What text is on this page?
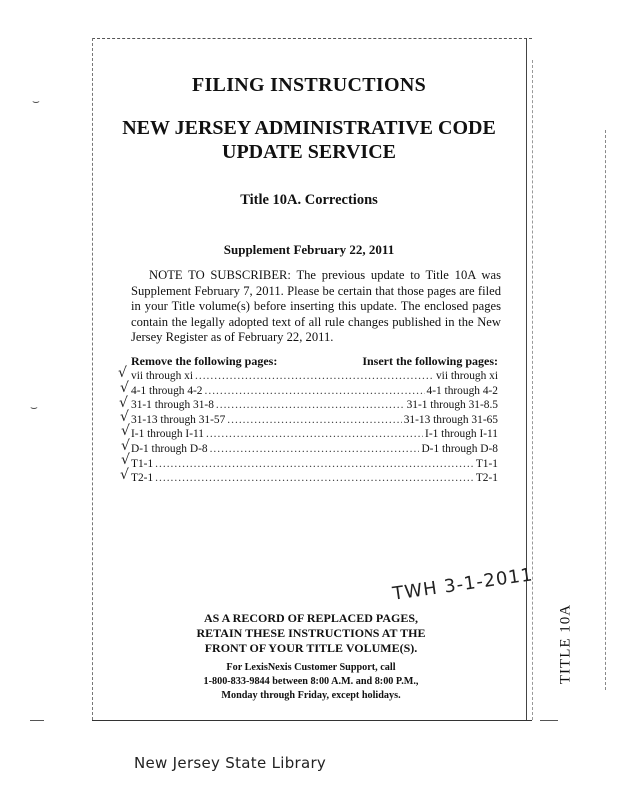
⌣
⌣
FILING INSTRUCTIONS
NEW JERSEY ADMINISTRATIVE CODE
UPDATE SERVICE
Title 10A. Corrections
Supplement February 22, 2011
NOTE TO SUBSCRIBER: The previous update to Title 10A was Supplement February 7, 2011. Please be certain that those pages are filed in your Title volume(s) before inserting this update. The enclosed pages contain the legally adopted text of all rule changes published in the New Jersey Register as of February 22, 2011.
Remove the following pages:	Insert the following pages:
vii through xi .....	vii through xi
4-1 through 4-2 .....	4-1 through 4-2
31-1 through 31-8 .....	31-1 through 31-8.5
31-13 through 31-57 .....	31-13 through 31-65
I-1 through I-11 .....	I-1 through I-11
D-1 through D-8 .....	D-1 through D-8
T1-1 .....	T1-1
T2-1 .....	T2-1
√
√
√
√
√
√
√
√
TWH 3-1-2011
AS A RECORD OF REPLACED PAGES,
RETAIN THESE INSTRUCTIONS AT THE
FRONT OF YOUR TITLE VOLUME(S).
For LexisNexis Customer Support, call
1-800-833-9844 between 8:00 A.M. and 8:00 P.M.,
Monday through Friday, except holidays.
TITLE 10A
New Jersey State Library
